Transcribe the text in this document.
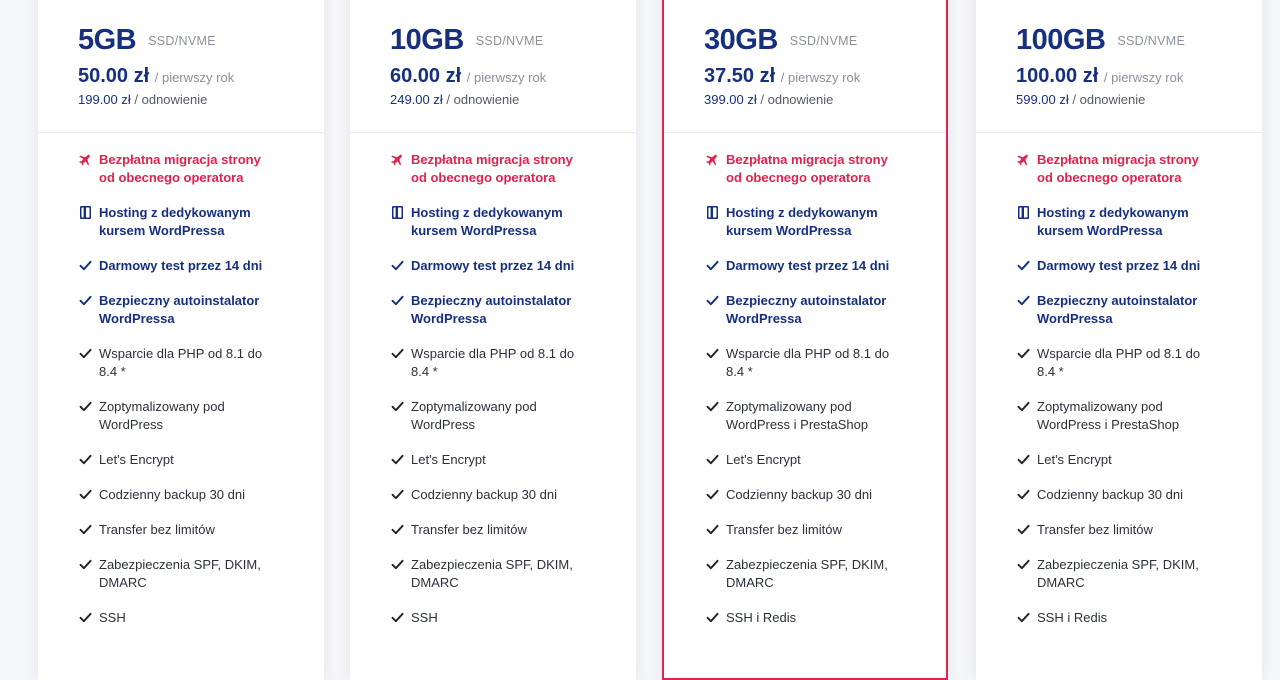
5GB SSD/NVME
50.00 zł / pierwszy rok
199.00 zł / odnowienie
Bezpłatna migracja strony
od obecnego operatora
Hosting z dedykowanym
kursem WordPressa
Darmowy test przez 14 dni
Bezpieczny autoinstalator
WordPressa
Wsparcie dla PHP od 8.1 do
8.4 *
Zoptymalizowany pod
WordPress
Let's Encrypt
Codzienny backup 30 dni
Transfer bez limitów
Zabezpieczenia SPF, DKIM,
DMARC
SSH
10GB SSD/NVME
60.00 zł / pierwszy rok
249.00 zł / odnowienie
Bezpłatna migracja strony
od obecnego operatora
Hosting z dedykowanym
kursem WordPressa
Darmowy test przez 14 dni
Bezpieczny autoinstalator
WordPressa
Wsparcie dla PHP od 8.1 do
8.4 *
Zoptymalizowany pod
WordPress
Let's Encrypt
Codzienny backup 30 dni
Transfer bez limitów
Zabezpieczenia SPF, DKIM,
DMARC
SSH
30GB SSD/NVME
37.50 zł / pierwszy rok
399.00 zł / odnowienie
Bezpłatna migracja strony
od obecnego operatora
Hosting z dedykowanym
kursem WordPressa
Darmowy test przez 14 dni
Bezpieczny autoinstalator
WordPressa
Wsparcie dla PHP od 8.1 do
8.4 *
Zoptymalizowany pod
WordPress i PrestaShop
Let's Encrypt
Codzienny backup 30 dni
Transfer bez limitów
Zabezpieczenia SPF, DKIM,
DMARC
SSH i Redis
100GB SSD/NVME
100.00 zł / pierwszy rok
599.00 zł / odnowienie
Bezpłatna migracja strony
od obecnego operatora
Hosting z dedykowanym
kursem WordPressa
Darmowy test przez 14 dni
Bezpieczny autoinstalator
WordPressa
Wsparcie dla PHP od 8.1 do
8.4 *
Zoptymalizowany pod
WordPress i PrestaShop
Let's Encrypt
Codzienny backup 30 dni
Transfer bez limitów
Zabezpieczenia SPF, DKIM,
DMARC
SSH i Redis
